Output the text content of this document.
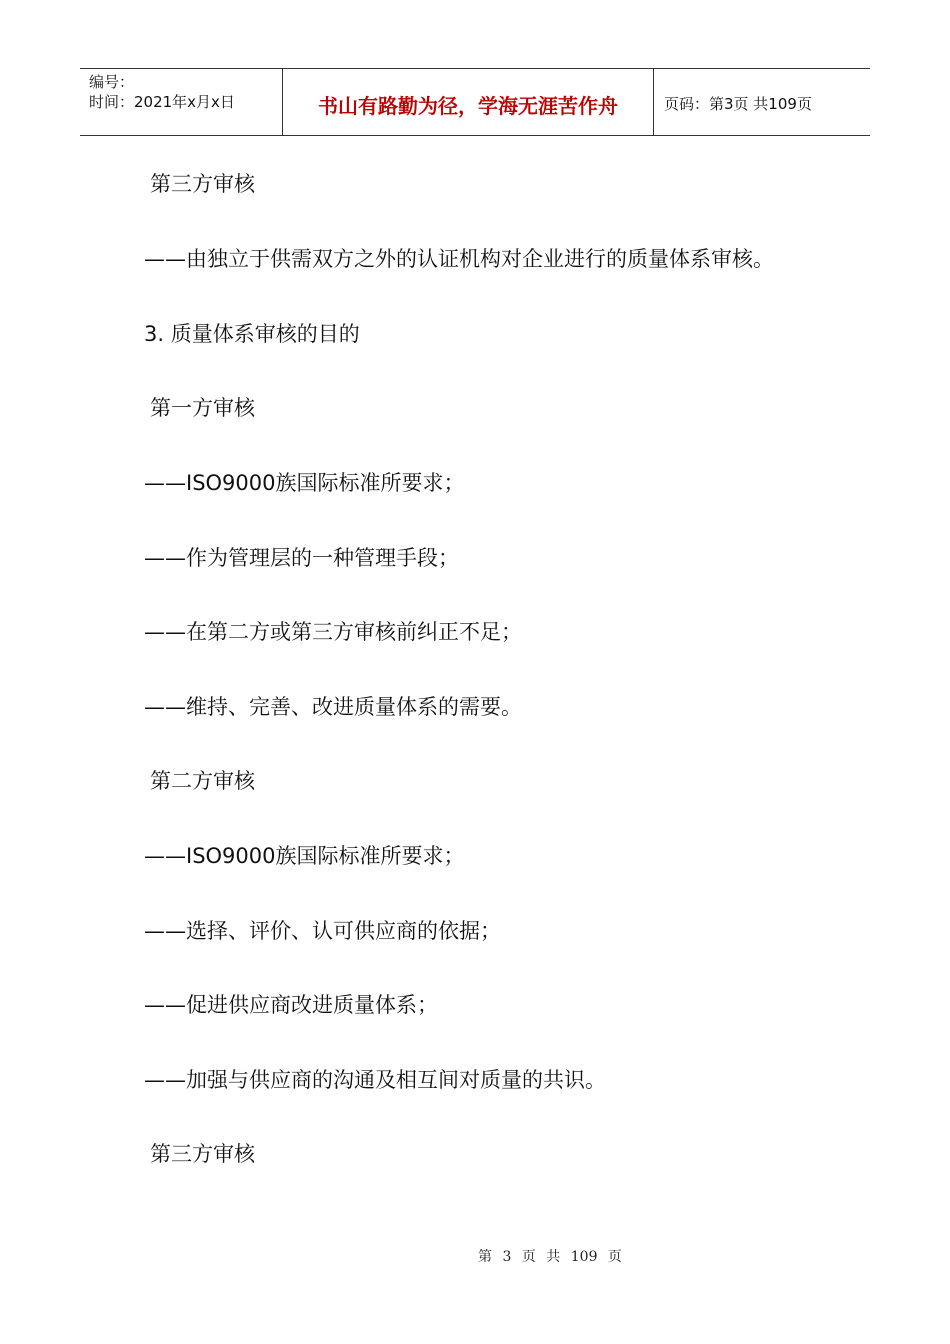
编号：
时间：2021年x月x日	书山有路勤为径，学海无涯苦作舟	页码：第3页 共109页
第三方审核
——由独立于供需双方之外的认证机构对企业进行的质量体系审核。
3. 质量体系审核的目的
第一方审核
——ISO9000族国际标准所要求；
——作为管理层的一种管理手段；
——在第二方或第三方审核前纠正不足；
——维持、完善、改进质量体系的需要。
第二方审核
——ISO9000族国际标准所要求；
——选择、评价、认可供应商的依据；
——促进供应商改进质量体系；
——加强与供应商的沟通及相互间对质量的共识。
第三方审核
第 3 页 共 109 页
